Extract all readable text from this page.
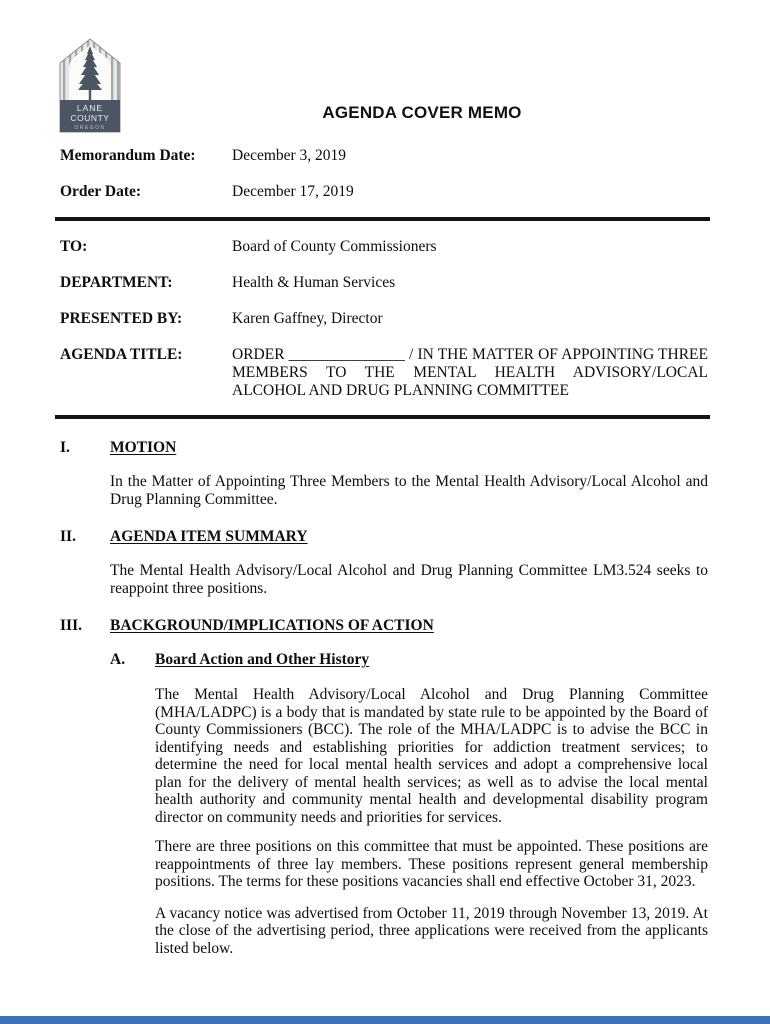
LANE
COUNTY
OREGON
AGENDA COVER MEMO
Memorandum Date:	December 3, 2019
Order Date:	December 17, 2019
TO:	Board of County Commissioners
DEPARTMENT:	Health & Human Services
PRESENTED BY:	Karen Gaffney, Director
AGENDA TITLE:	ORDER _______________ / IN THE MATTER OF APPOINTING THREE MEMBERS TO THE MENTAL HEALTH ADVISORY/LOCAL ALCOHOL AND DRUG PLANNING COMMITTEE
I.	MOTION

In the Matter of Appointing Three Members to the Mental Health Advisory/Local Alcohol and Drug Planning Committee.

II.	AGENDA ITEM SUMMARY

The Mental Health Advisory/Local Alcohol and Drug Planning Committee LM3.524 seeks to reappoint three positions.

III.	BACKGROUND/IMPLICATIONS OF ACTION
A.	Board Action and Other History

The Mental Health Advisory/Local Alcohol and Drug Planning Committee (MHA/LADPC) is a body that is mandated by state rule to be appointed by the Board of County Commissioners (BCC). The role of the MHA/LADPC is to advise the BCC in identifying needs and establishing priorities for addiction treatment services; to determine the need for local mental health services and adopt a comprehensive local plan for the delivery of mental health services; as well as to advise the local mental health authority and community mental health and developmental disability program director on community needs and priorities for services.

There are three positions on this committee that must be appointed. These positions are reappointments of three lay members. These positions represent general membership positions. The terms for these positions vacancies shall end effective October 31, 2023.

A vacancy notice was advertised from October 11, 2019 through November 13, 2019. At the close of the advertising period, three applications were received from the applicants listed below.
